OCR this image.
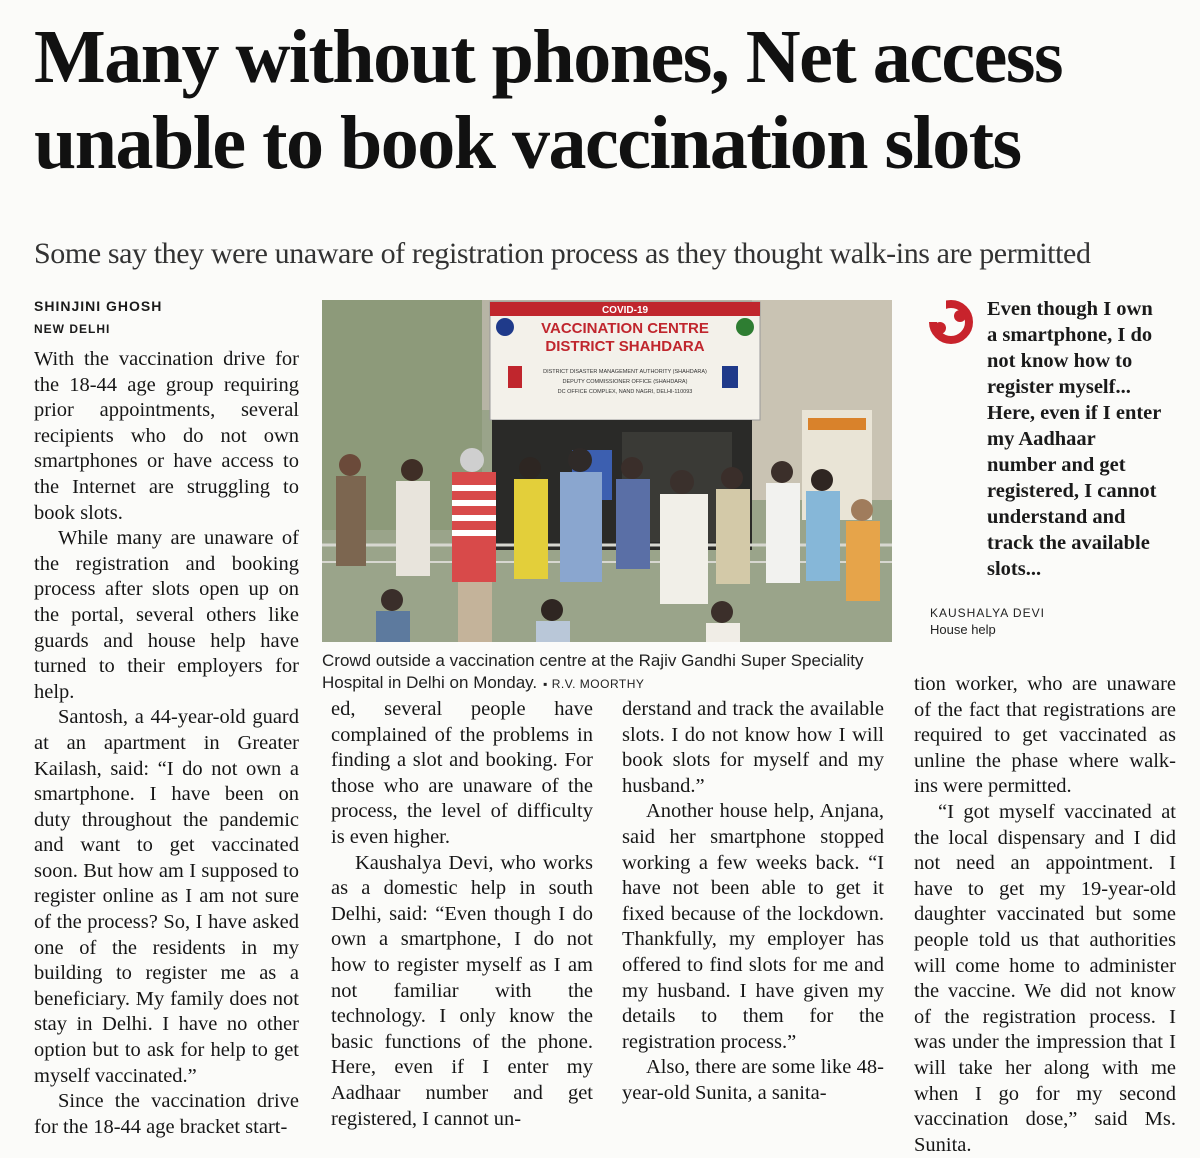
Many without phones, Net access
unable to book vaccination slots
Some say they were unaware of registration process as they thought walk-ins are permitted
SHINJINI GHOSH
NEW DELHI

With the vaccination drive for the 18-44 age group requiring prior appointments, several recipients who do not own smartphones or have access to the Internet are struggling to book slots.

While many are unaware of the registration and booking process after slots open up on the portal, several others like guards and house help have turned to their employers for help.

Santosh, a 44-year-old guard at an apartment in Greater Kailash, said: “I do not own a smartphone. I have been on duty throughout the pandemic and want to get vaccinated soon. But how am I supposed to register online as I am not sure of the process? So, I have asked one of the residents in my building to register me as a beneficiary. My family does not stay in Delhi. I have no other option but to ask for help to get myself vaccinated.”

Since the vaccination drive for the 18-44 age bracket start-

COVID-19
VACCINATION CENTRE
DISTRICT SHAHDARA
DISTRICT DISASTER MANAGEMENT AUTHORITY (SHAHDARA)
DEPUTY COMMISSIONER OFFICE (SHAHDARA)
DC OFFICE COMPLEX, NAND NAGRI, DELHI-110093
Crowd outside a vaccination centre at the Rajiv Gandhi Super Speciality Hospital in Delhi on Monday. ▪ R.V. MOORTHY
Even though I own a smartphone, I do not know how to register myself... Here, even if I enter my Aadhaar number and get registered, I cannot understand and track the available slots...
KAUSHALYA DEVI
House help

ed, several people have complained of the problems in finding a slot and booking. For those who are unaware of the process, the level of difficulty is even higher.

Kaushalya Devi, who works as a domestic help in south Delhi, said: “Even though I do own a smartphone, I do not how to register myself as I am not familiar with the technology. I only know the basic functions of the phone. Here, even if I enter my Aadhaar number and get registered, I cannot un-

derstand and track the available slots. I do not know how I will book slots for myself and my husband.”

Another house help, Anjana, said her smartphone stopped working a few weeks back. “I have not been able to get it fixed because of the lockdown. Thankfully, my employer has offered to find slots for me and my husband. I have given my details to them for the registration process.”

Also, there are some like 48-year-old Sunita, a sanita-

tion worker, who are unaware of the fact that registrations are required to get vaccinated as unline the phase where walk-ins were permitted.

“I got myself vaccinated at the local dispensary and I did not need an appointment. I have to get my 19-year-old daughter vaccinated but some people told us that authorities will come home to administer the vaccine. We did not know of the registration process. I was under the impression that I will take her along with me when I go for my second vaccination dose,” said Ms. Sunita.
